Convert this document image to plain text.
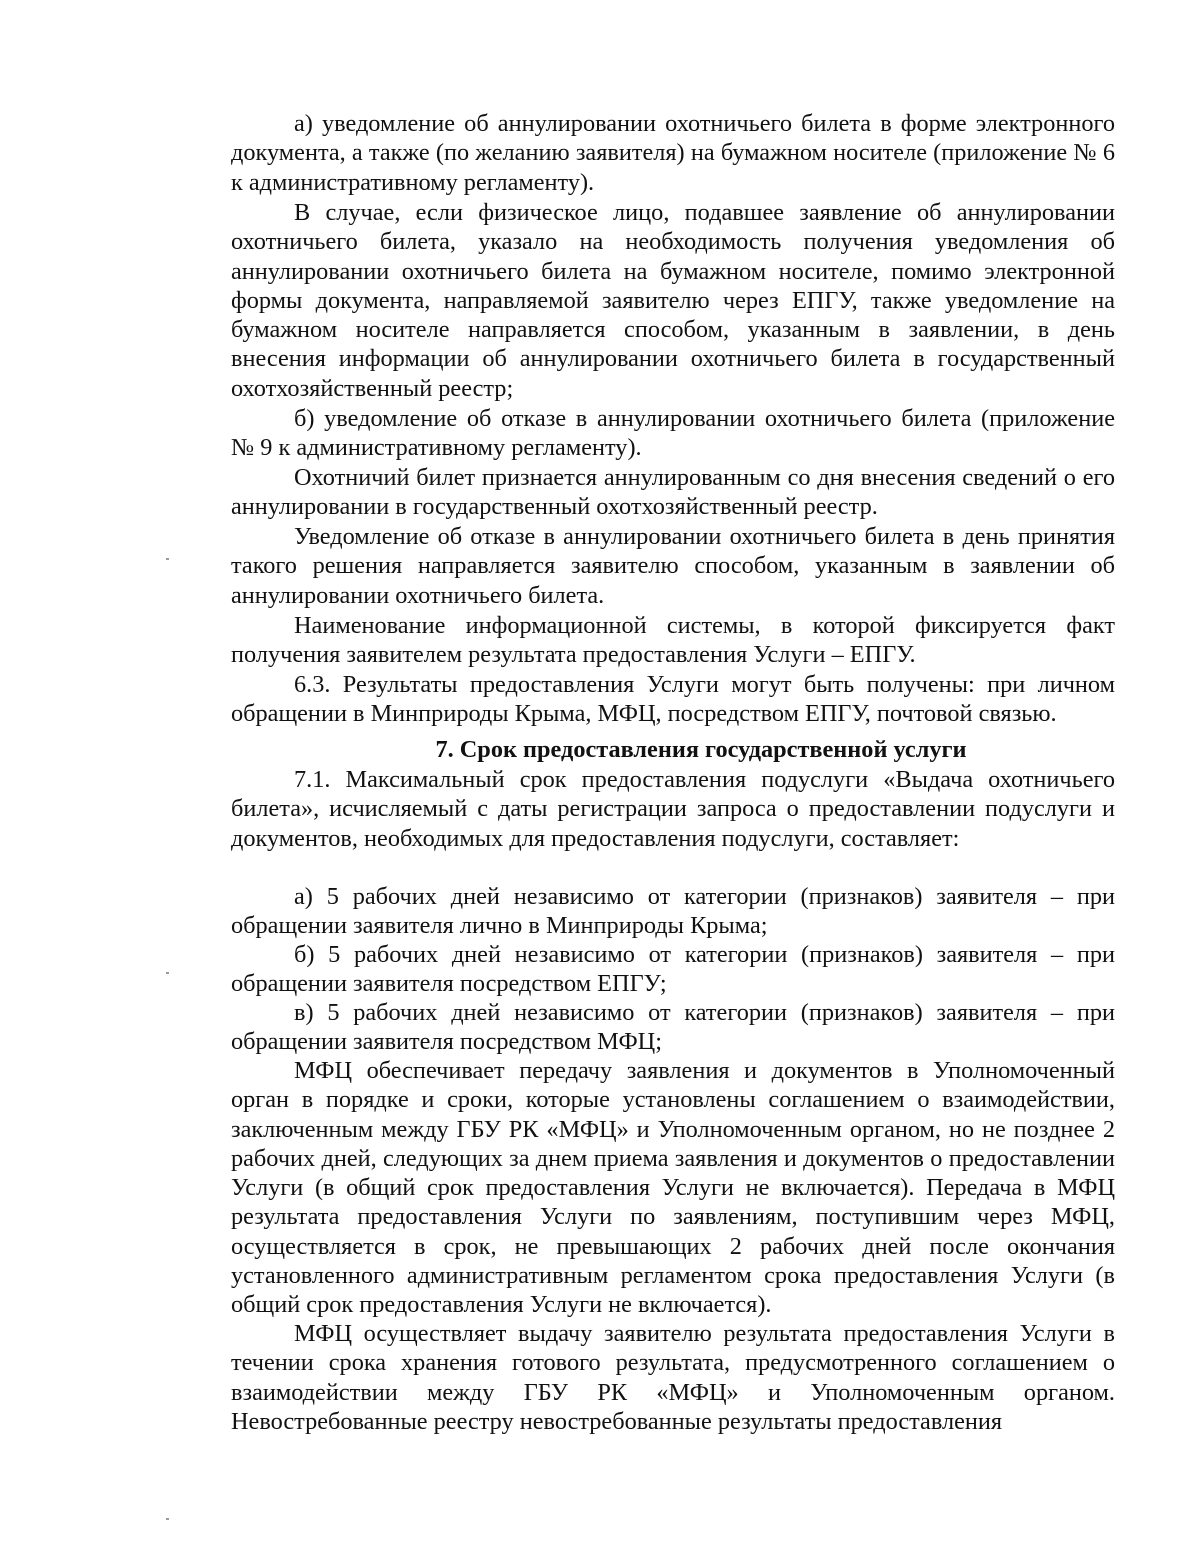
а) уведомление об аннулировании охотничьего билета в форме электронного документа, а также (по желанию заявителя) на бумажном носителе (приложение № 6 к административному регламенту).

В случае, если физическое лицо, подавшее заявление об аннулировании охотничьего билета, указало на необходимость получения уведомления об аннулировании охотничьего билета на бумажном носителе, помимо электронной формы документа, направляемой заявителю через ЕПГУ, также уведомление на бумажном носителе направляется способом, указанным в заявлении, в день внесения информации об аннулировании охотничьего билета в государственный охотхозяйственный реестр;

б) уведомление об отказе в аннулировании охотничьего билета (приложение № 9 к административному регламенту).

Охотничий билет признается аннулированным со дня внесения сведений о его аннулировании в государственный охотхозяйственный реестр.

Уведомление об отказе в аннулировании охотничьего билета в день принятия такого решения направляется заявителю способом, указанным в заявлении об аннулировании охотничьего билета.

Наименование информационной системы, в которой фиксируется факт получения заявителем результата предоставления Услуги – ЕПГУ.

6.3. Результаты предоставления Услуги могут быть получены: при личном обращении в Минприроды Крыма, МФЦ, посредством ЕПГУ, почтовой связью.

7. Срок предоставления государственной услуги

7.1. Максимальный срок предоставления подуслуги «Выдача охотничьего билета», исчисляемый с даты регистрации запроса о предоставлении подуслуги и документов, необходимых для предоставления подуслуги, составляет:

а) 5 рабочих дней независимо от категории (признаков) заявителя – при обращении заявителя лично в Минприроды Крыма;

б) 5 рабочих дней независимо от категории (признаков) заявителя – при обращении заявителя посредством ЕПГУ;

в) 5 рабочих дней независимо от категории (признаков) заявителя – при обращении заявителя посредством МФЦ;

МФЦ обеспечивает передачу заявления и документов в Уполномоченный орган в порядке и сроки, которые установлены соглашением о взаимодействии, заключенным между ГБУ РК «МФЦ» и Уполномоченным органом, но не позднее 2 рабочих дней, следующих за днем приема заявления и документов о предоставлении Услуги (в общий срок предоставления Услуги не включается). Передача в МФЦ результата предоставления Услуги по заявлениям, поступившим через МФЦ, осуществляется в срок, не превышающих 2 рабочих дней после окончания установленного административным регламентом срока предоставления Услуги (в общий срок предоставления Услуги не включается).

МФЦ осуществляет выдачу заявителю результата предоставления Услуги в течении срока хранения готового результата, предусмотренного соглашением о взаимодействии между ГБУ РК «МФЦ» и Уполномоченным органом. Невостребованные реестру невостребованные результаты предоставления
